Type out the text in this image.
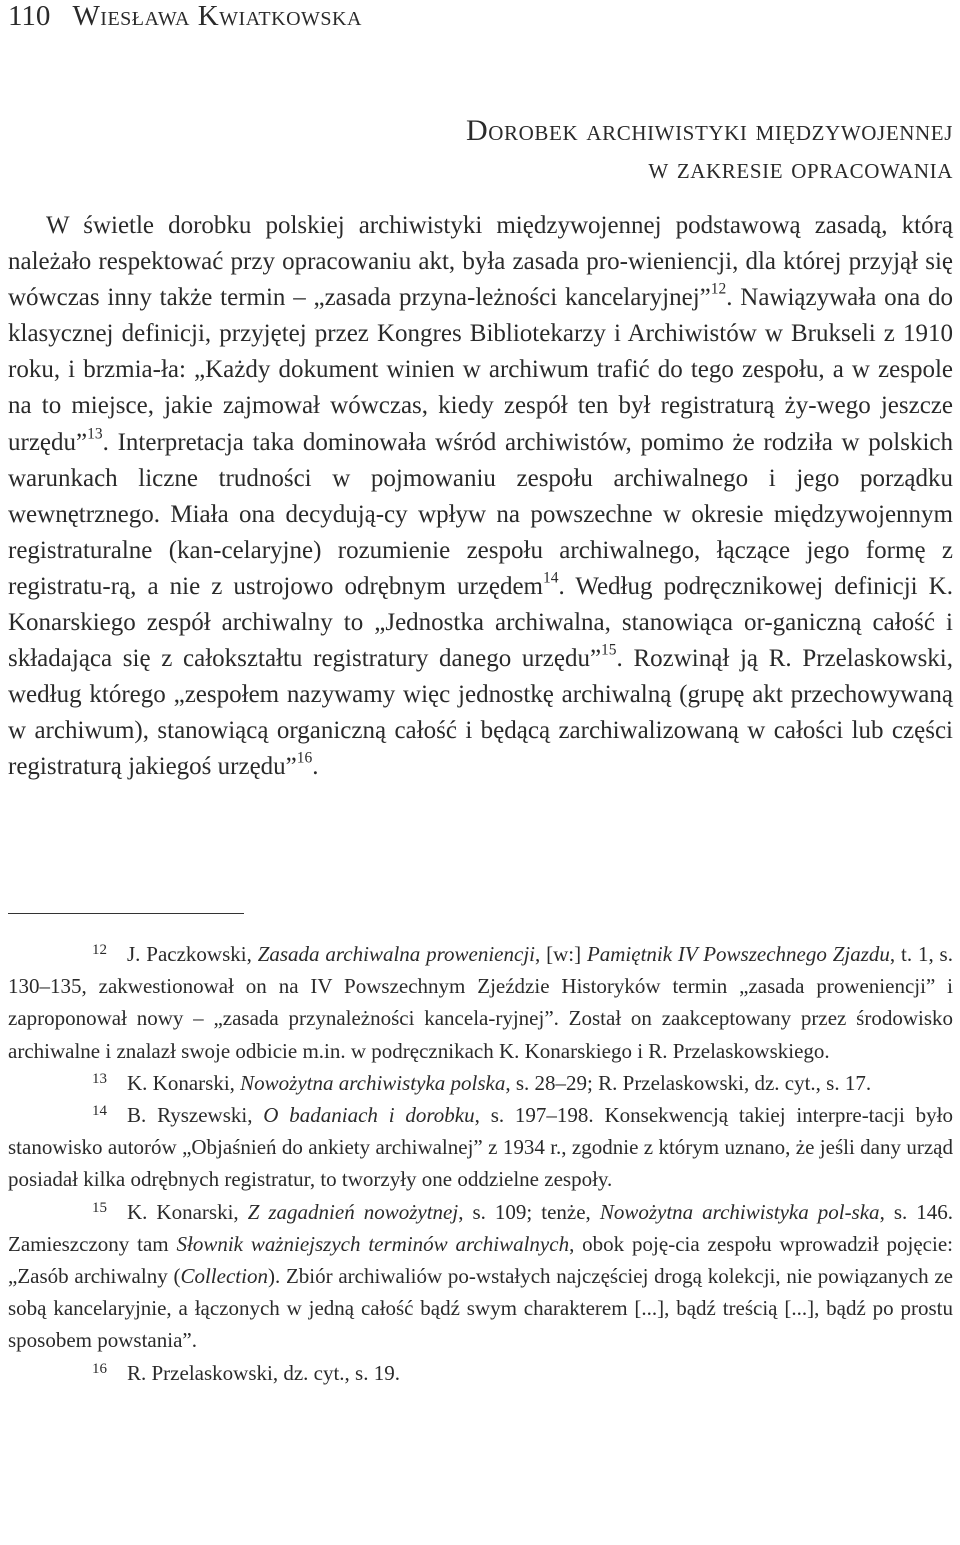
110 Wiesława Kwiatkowska
Dorobek archiwistyki międzywojennej
w zakresie opracowania

W świetle dorobku polskiej archiwistyki międzywojennej podstawową zasadą, którą należało respektować przy opracowaniu akt, była zasada pro-wieniencji, dla której przyjął się wówczas inny także termin – „zasada przyna-leżności kancelaryjnej”$^{12}$. Nawiązywała ona do klasycznej definicji, przyjętej przez Kongres Bibliotekarzy i Archiwistów w Brukseli z 1910 roku, i brzmia-ła: „Każdy dokument winien w archiwum trafić do tego zespołu, a w zespole na to miejsce, jakie zajmował wówczas, kiedy zespół ten był registraturą ży-wego jeszcze urzędu”$^{13}$. Interpretacja taka dominowała wśród archiwistów, pomimo że rodziła w polskich warunkach liczne trudności w pojmowaniu zespołu archiwalnego i jego porządku wewnętrznego. Miała ona decydują-cy wpływ na powszechne w okresie międzywojennym registraturalne (kan-celaryjne) rozumienie zespołu archiwalnego, łączące jego formę z registratu-rą, a nie z ustrojowo odrębnym urzędem$^{14}$. Według podręcznikowej definicji K. Konarskiego zespół archiwalny to „Jednostka archiwalna, stanowiąca or-ganiczną całość i składająca się z całokształtu registratury danego urzędu”$^{15}$. Rozwinął ją R. Przelaskowski, według którego „zespołem nazywamy więc jednostkę archiwalną (grupę akt przechowywaną w archiwum), stanowiącą organiczną całość i będącą zarchiwalizowaną w całości lub części registraturą jakiegoś urzędu”$^{16}$.

12 J. Paczkowski, Zasada archiwalna proweniencji, [w:] Pamiętnik IV Powszechnego Zjazdu, t. 1, s. 130–135, zakwestionował on na IV Powszechnym Zjeździe Historyków termin „zasada proweniencji” i zaproponował nowy – „zasada przynależności kancela-ryjnej”. Został on zaakceptowany przez środowisko archiwalne i znalazł swoje odbicie m.in. w podręcznikach K. Konarskiego i R. Przelaskowskiego.

13 K. Konarski, Nowożytna archiwistyka polska, s. 28–29; R. Przelaskowski, dz. cyt., s. 17.

14 B. Ryszewski, O badaniach i dorobku, s. 197–198. Konsekwencją takiej interpre-tacji było stanowisko autorów „Objaśnień do ankiety archiwalnej” z 1934 r., zgodnie z którym uznano, że jeśli dany urząd posiadał kilka odrębnych registratur, to tworzyły one oddzielne zespoły.

15 K. Konarski, Z zagadnień nowożytnej, s. 109; tenże, Nowożytna archiwistyka pol-ska, s. 146. Zamieszczony tam Słownik ważniejszych terminów archiwalnych, obok poję-cia zespołu wprowadził pojęcie: „Zasób archiwalny (Collection). Zbiór archiwaliów po-wstałych najczęściej drogą kolekcji, nie powiązanych ze sobą kancelaryjnie, a łączonych w jedną całość bądź swym charakterem [...], bądź treścią [...], bądź po prostu sposobem powstania”.

16 R. Przelaskowski, dz. cyt., s. 19.
